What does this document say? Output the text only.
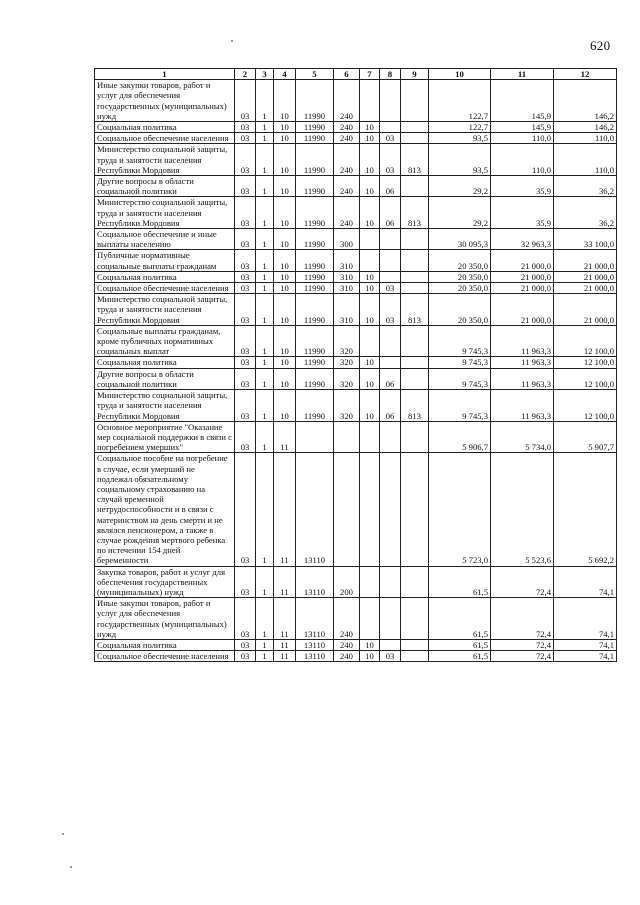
620
1	2	3	4	5	6	7	8	9	10	11	12
Иные закупки товаров, работ и услуг для обеспечения государственных (муниципальных) нужд	03	1	10	11990	240				122,7	145,9	146,2
Социальная политика	03	1	10	11990	240	10			122,7	145,9	146,2
Социальное обеспечение населения	03	1	10	11990	240	10	03		93,5	110,0	110,0
Министерство социальной защиты, труда и занятости населения Республики Мордовия	03	1	10	11990	240	10	03	813	93,5	110,0	110,0
Другие вопросы в области социальной политики	03	1	10	11990	240	10	06		29,2	35,9	36,2
Министерство социальной защиты, труда и занятости населения Республики Мордовия	03	1	10	11990	240	10	06	813	29,2	35,9	36,2
Социальное обеспечение и иные выплаты населению	03	1	10	11990	300				30 095,3	32 963,3	33 100,0
Публичные нормативные социальные выплаты гражданам	03	1	10	11990	310				20 350,0	21 000,0	21 000,0
Социальная политика	03	1	10	11990	310	10			20 350,0	21 000,0	21 000,0
Социальное обеспечение населения	03	1	10	11990	310	10	03		20 350,0	21 000,0	21 000,0
Министерство социальной защиты, труда и занятости населения Республики Мордовия	03	1	10	11990	310	10	03	813	20 350,0	21 000,0	21 000,0
Социальные выплаты гражданам, кроме публичных нормативных социальных выплат	03	1	10	11990	320				9 745,3	11 963,3	12 100,0
Социальная политика	03	1	10	11990	320	10			9 745,3	11 963,3	12 100,0
Другие вопросы в области социальной политики	03	1	10	11990	320	10	06		9 745,3	11 963,3	12 100,0
Министерство социальной защиты, труда и занятости населения Республики Мордовия	03	1	10	11990	320	10	06	813	9 745,3	11 963,3	12 100,0
Основное мероприятие "Оказание мер социальной поддержки в связи с погребением умерших"	03	1	11						5 906,7	5 734,0	5 907,7
Социальное пособие на погребение в случае, если умерший не подлежал обязательному социальному страхованию на случай временной нетрудоспособности и в связи с материнством на день смерти и не являлся пенсионером, а также в случае рождения мертвого ребенка по истечении 154 дней беременности	03	1	11	13110					5 723,0	5 523,6	5 692,2
Закупка товаров, работ и услуг для обеспечения государственных (муниципальных) нужд	03	1	11	13110	200				61,5	72,4	74,1
Иные закупки товаров, работ и услуг для обеспечения государственных (муниципальных) нужд	03	1	11	13110	240				61,5	72,4	74,1
Социальная политика	03	1	11	13110	240	10			61,5	72,4	74,1
Социальное обеспечение населения	03	1	11	13110	240	10	03		61,5	72,4	74,1
